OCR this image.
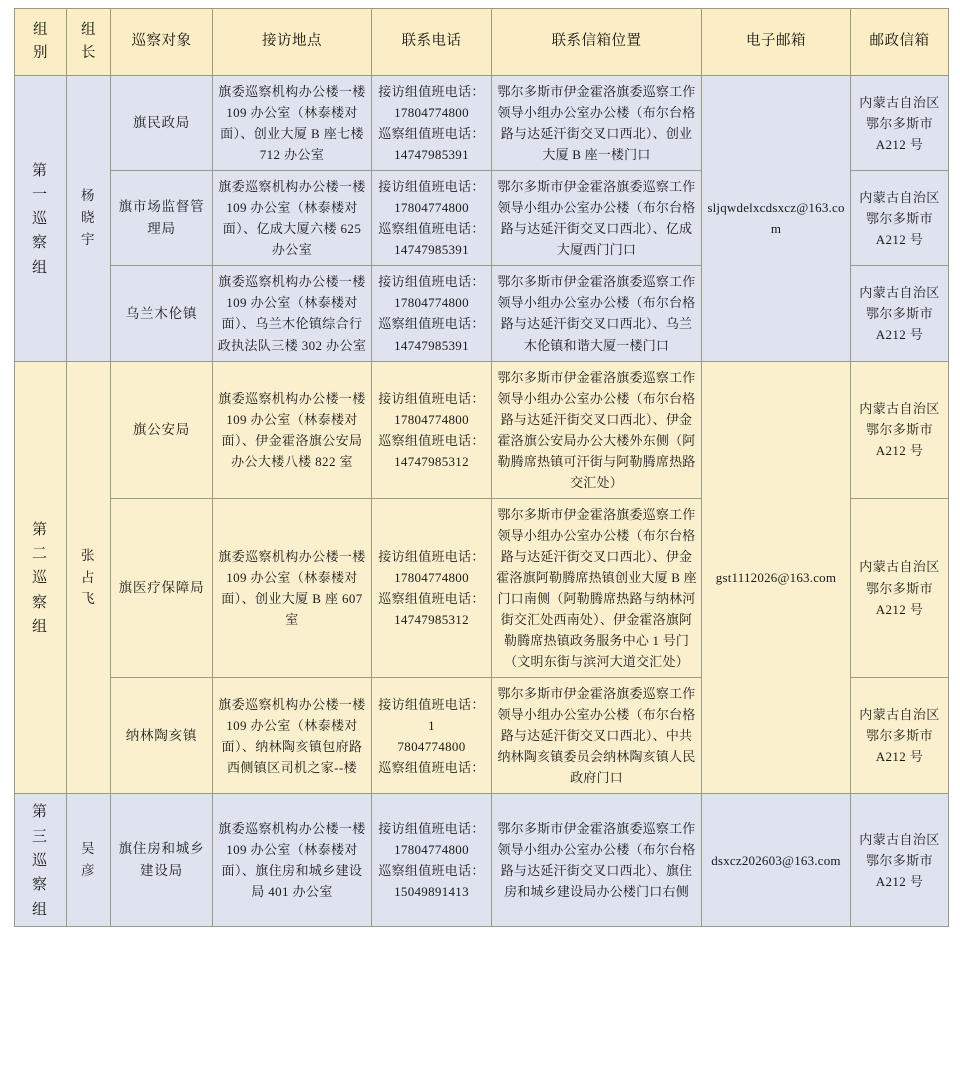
组
别	组
长	巡察对象	接访地点	联系电话	联系信箱位置	电子邮箱	邮政信箱

第
一
巡
察
组	杨
晓
宇	旗民政局	旗委巡察机构办公楼一楼 109 办公室（林泰楼对面）、创业大厦 B 座七楼 712 办公室	接访组值班电话：
17804774800
巡察组值班电话：
14747985391	鄂尔多斯市伊金霍洛旗委巡察工作领导小组办公室办公楼（布尔台格路与达延汗街交叉口西北）、创业大厦 B 座一楼门口	sljqwdelxcdsxcz@163.com	内蒙古自治区
鄂尔多斯市
A212 号

		旗市场监督管理局	旗委巡察机构办公楼一楼 109 办公室（林泰楼对面）、亿成大厦六楼 625 办公室	接访组值班电话：
17804774800
巡察组值班电话：
14747985391	鄂尔多斯市伊金霍洛旗委巡察工作领导小组办公室办公楼（布尔台格路与达延汗街交叉口西北）、亿成大厦西门门口		内蒙古自治区
鄂尔多斯市
A212 号

		乌兰木伦镇	旗委巡察机构办公楼一楼 109 办公室（林泰楼对面）、乌兰木伦镇综合行政执法队三楼 302 办公室	接访组值班电话：
17804774800
巡察组值班电话：
14747985391	鄂尔多斯市伊金霍洛旗委巡察工作领导小组办公室办公楼（布尔台格路与达延汗街交叉口西北）、乌兰木伦镇和谐大厦一楼门口		内蒙古自治区
鄂尔多斯市
A212 号

第
二
巡
察
组	张
占
飞	旗公安局	旗委巡察机构办公楼一楼 109 办公室（林泰楼对面）、伊金霍洛旗公安局办公大楼八楼 822 室	接访组值班电话：
17804774800
巡察组值班电话：
14747985312	鄂尔多斯市伊金霍洛旗委巡察工作领导小组办公室办公楼（布尔台格路与达延汗街交叉口西北）、伊金霍洛旗公安局办公大楼外东侧（阿勒腾席热镇可汗街与阿勒腾席热路交汇处）	gst1112026@163.com	内蒙古自治区
鄂尔多斯市
A212 号

		旗医疗保障局	旗委巡察机构办公楼一楼 109 办公室（林泰楼对面）、创业大厦 B 座 607 室	接访组值班电话：
17804774800
巡察组值班电话：
14747985312	鄂尔多斯市伊金霍洛旗委巡察工作领导小组办公室办公楼（布尔台格路与达延汗街交叉口西北）、伊金霍洛旗阿勒腾席热镇创业大厦 B 座门口南侧（阿勒腾席热路与纳林河街交汇处西南处）、伊金霍洛旗阿勒腾席热镇政务服务中心 1 号门（文明东街与滨河大道交汇处）		内蒙古自治区
鄂尔多斯市
A212 号

		纳林陶亥镇	旗委巡察机构办公楼一楼 109 办公室（林泰楼对面）、纳林陶亥镇包府路西侧镇区司机之家--楼	接访组值班电话：1
7804774800
巡察组值班电话：	鄂尔多斯市伊金霍洛旗委巡察工作领导小组办公室办公楼（布尔台格路与达延汗街交叉口西北）、中共纳林陶亥镇委员会纳林陶亥镇人民政府门口		内蒙古自治区
鄂尔多斯市
A212 号

第
三
巡
察
组	吴
彦	旗住房和城乡建设局	旗委巡察机构办公楼一楼 109 办公室（林泰楼对面）、旗住房和城乡建设局 401 办公室	接访组值班电话：
17804774800
巡察组值班电话：
15049891413	鄂尔多斯市伊金霍洛旗委巡察工作领导小组办公室办公楼（布尔台格路与达延汗街交叉口西北）、旗住房和城乡建设局办公楼门口右侧	dsxcz202603@163.com	内蒙古自治区
鄂尔多斯市
A212 号
